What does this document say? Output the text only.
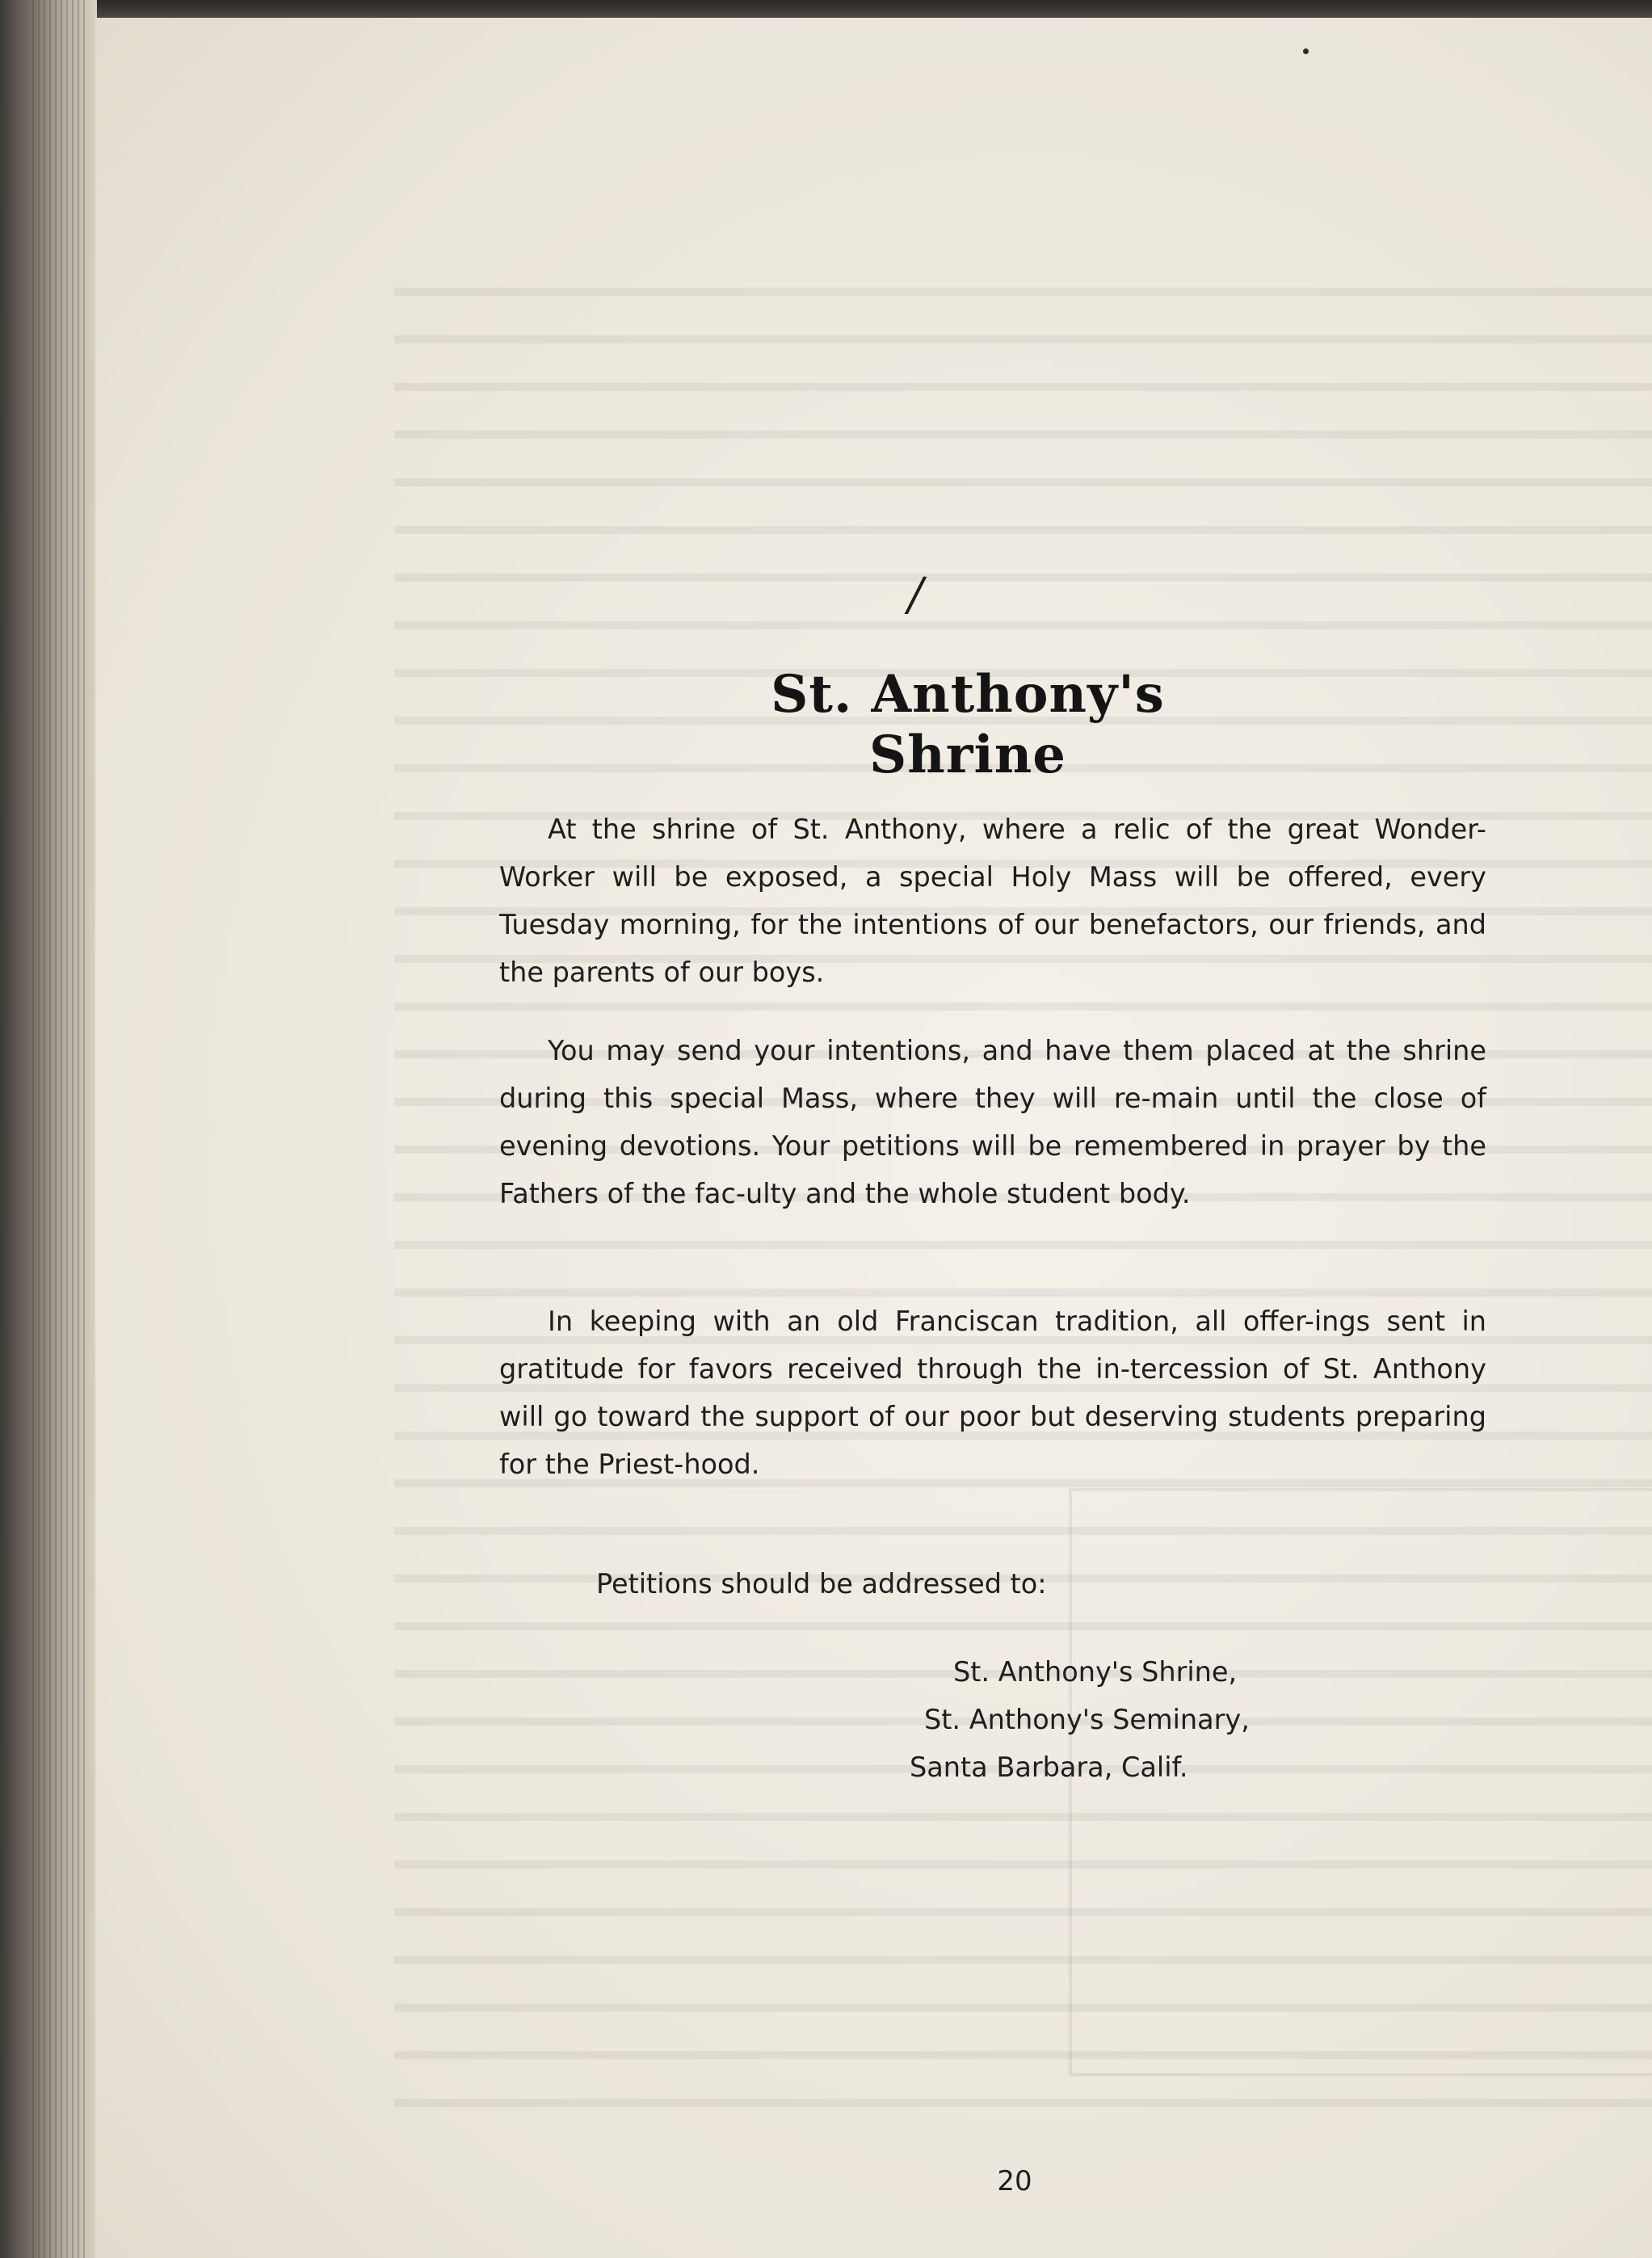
/
St. Anthony's Shrine
At the shrine of St. Anthony, where a relic of the great Wonder-Worker will be exposed, a special Holy Mass will be offered, every Tuesday morning, for the intentions of our benefactors, our friends, and the parents of our boys.
You may send your intentions, and have them placed at the shrine during this special Mass, where they will re-main until the close of evening devotions. Your petitions will be remembered in prayer by the Fathers of the fac-ulty and the whole student body.
In keeping with an old Franciscan tradition, all offer-ings sent in gratitude for favors received through the in-tercession of St. Anthony will go toward the support of our poor but deserving students preparing for the Priest-hood.
Petitions should be addressed to:
St. Anthony's Shrine,
St. Anthony's Seminary,
Santa Barbara, Calif.
20
